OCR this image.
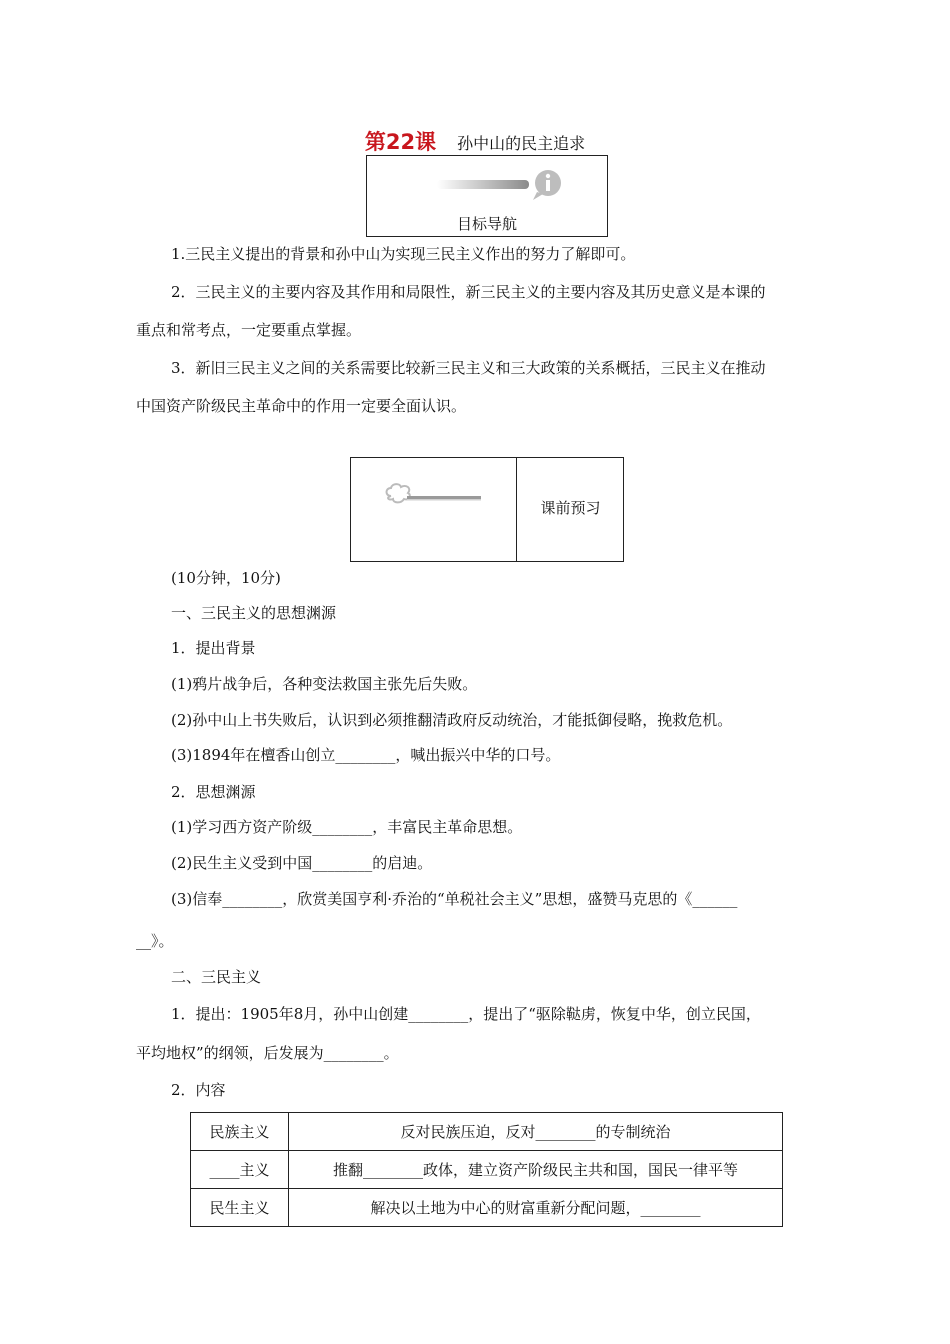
第22课 孙中山的民主追求
目标导航
1.三民主义提出的背景和孙中山为实现三民主义作出的努力了解即可。
2．三民主义的主要内容及其作用和局限性，新三民主义的主要内容及其历史意义是本课的
重点和常考点，一定要重点掌握。
3．新旧三民主义之间的关系需要比较新三民主义和三大政策的关系概括，三民主义在推动
中国资产阶级民主革命中的作用一定要全面认识。
课前预习
(10分钟，10分)
一、三民主义的思想渊源
1．提出背景
(1)鸦片战争后，各种变法救国主张先后失败。
(2)孙中山上书失败后，认识到必须推翻清政府反动统治，才能抵御侵略，挽救危机。
(3)1894年在檀香山创立________，喊出振兴中华的口号。
2．思想渊源
(1)学习西方资产阶级________，丰富民主革命思想。
(2)民生主义受到中国________的启迪。
(3)信奉________，欣赏美国亨利·乔治的“单税社会主义”思想，盛赞马克思的《______
__》。
二、三民主义
1．提出：1905年8月，孙中山创建________，提出了“驱除鞑虏，恢复中华，创立民国，
平均地权”的纲领，后发展为________。
2．内容
民族主义	反对民族压迫，反对________的专制统治
____主义	推翻________政体，建立资产阶级民主共和国，国民一律平等
民生主义	解决以土地为中心的财富重新分配问题，________
